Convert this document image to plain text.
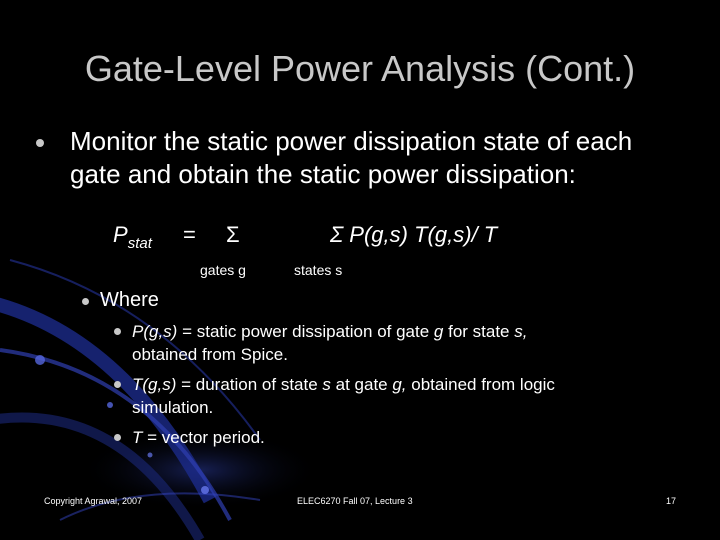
Gate-Level Power Analysis (Cont.)
Monitor the static power dissipation state of each
gate and obtain the static power dissipation:
$P_{stat} = \Sigma$
gates g
Σ P(g,s) T(g,s)/ T
states s
Where
P(g,s) = static power dissipation of gate g for state s,
obtained from Spice.
T(g,s) = duration of state s at gate g, obtained from logic
simulation.
T = vector period.
Copyright Agrawal, 2007	ELEC6270 Fall 07, Lecture 3	17
